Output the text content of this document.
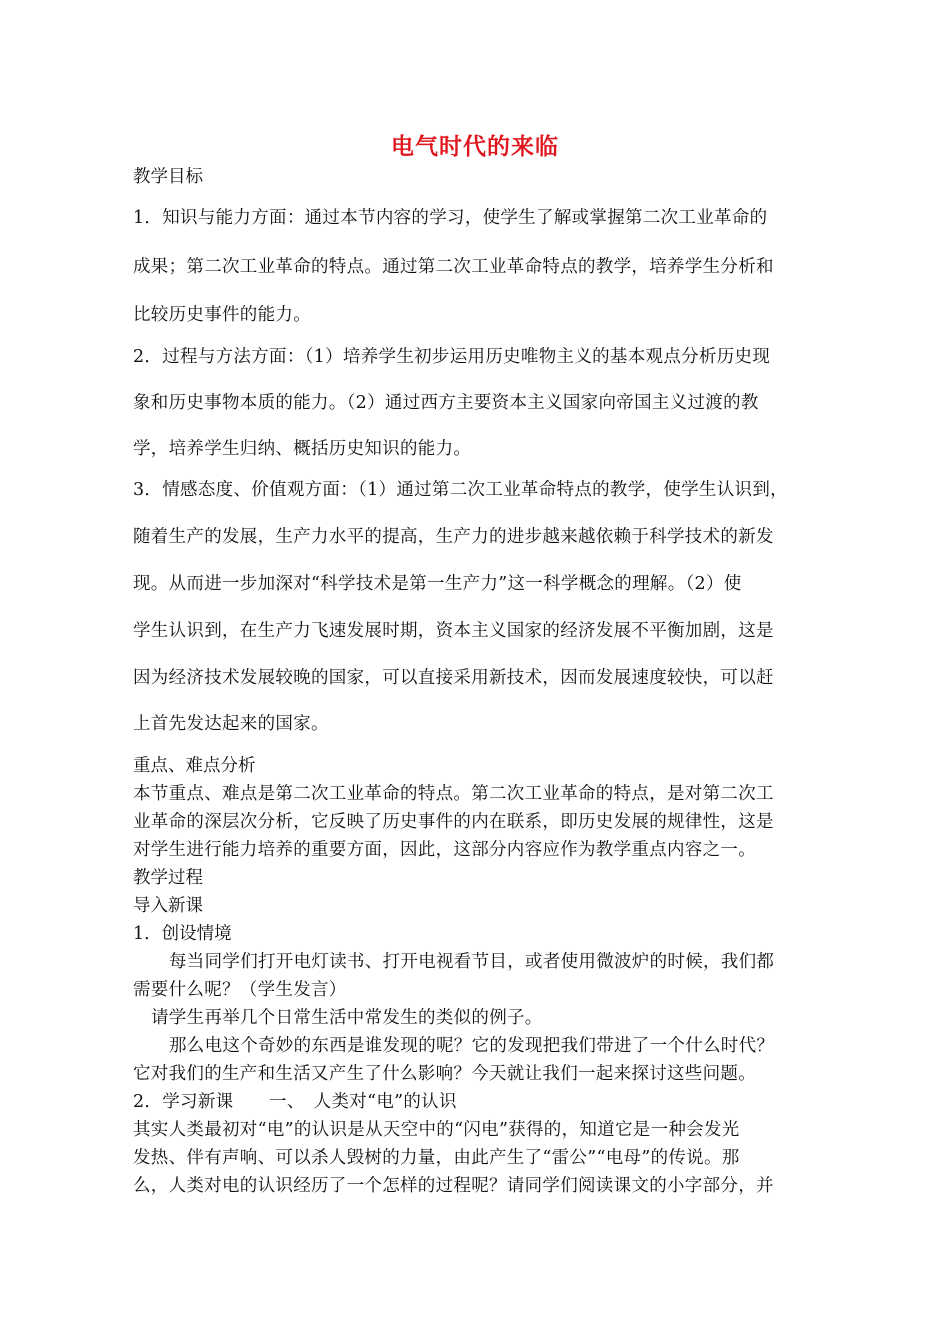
电气时代的来临
教学目标
1．知识与能力方面：通过本节内容的学习，使学生了解或掌握第二次工业革命的
成果；第二次工业革命的特点。通过第二次工业革命特点的教学，培养学生分析和
比较历史事件的能力。
2．过程与方法方面：（1）培养学生初步运用历史唯物主义的基本观点分析历史现
象和历史事物本质的能力。（2）通过西方主要资本主义国家向帝国主义过渡的教
学，培养学生归纳、概括历史知识的能力。
3．情感态度、价值观方面：（1）通过第二次工业革命特点的教学，使学生认识到，
随着生产的发展，生产力水平的提高，生产力的进步越来越依赖于科学技术的新发
现。从而进一步加深对“科学技术是第一生产力”这一科学概念的理解。（2）使
学生认识到，在生产力飞速发展时期，资本主义国家的经济发展不平衡加剧，这是
因为经济技术发展较晚的国家，可以直接采用新技术，因而发展速度较快，可以赶
上首先发达起来的国家。
重点、难点分析
本节重点、难点是第二次工业革命的特点。第二次工业革命的特点，是对第二次工
业革命的深层次分析，它反映了历史事件的内在联系，即历史发展的规律性，这是
对学生进行能力培养的重要方面，因此，这部分内容应作为教学重点内容之一。
教学过程
导入新课
1．创设情境
每当同学们打开电灯读书、打开电视看节目，或者使用微波炉的时候，我们都
需要什么呢？（学生发言）
请学生再举几个日常生活中常发生的类似的例子。
那么电这个奇妙的东西是谁发现的呢？它的发现把我们带进了一个什么时代？
它对我们的生产和生活又产生了什么影响？今天就让我们一起来探讨这些问题。
2．学习新课　　一、　人类对“电”的认识
其实人类最初对“电”的认识是从天空中的“闪电”获得的，知道它是一种会发光
发热、伴有声响、可以杀人毁树的力量，由此产生了“雷公”“电母”的传说。那
么，人类对电的认识经历了一个怎样的过程呢？请同学们阅读课文的小字部分，并
